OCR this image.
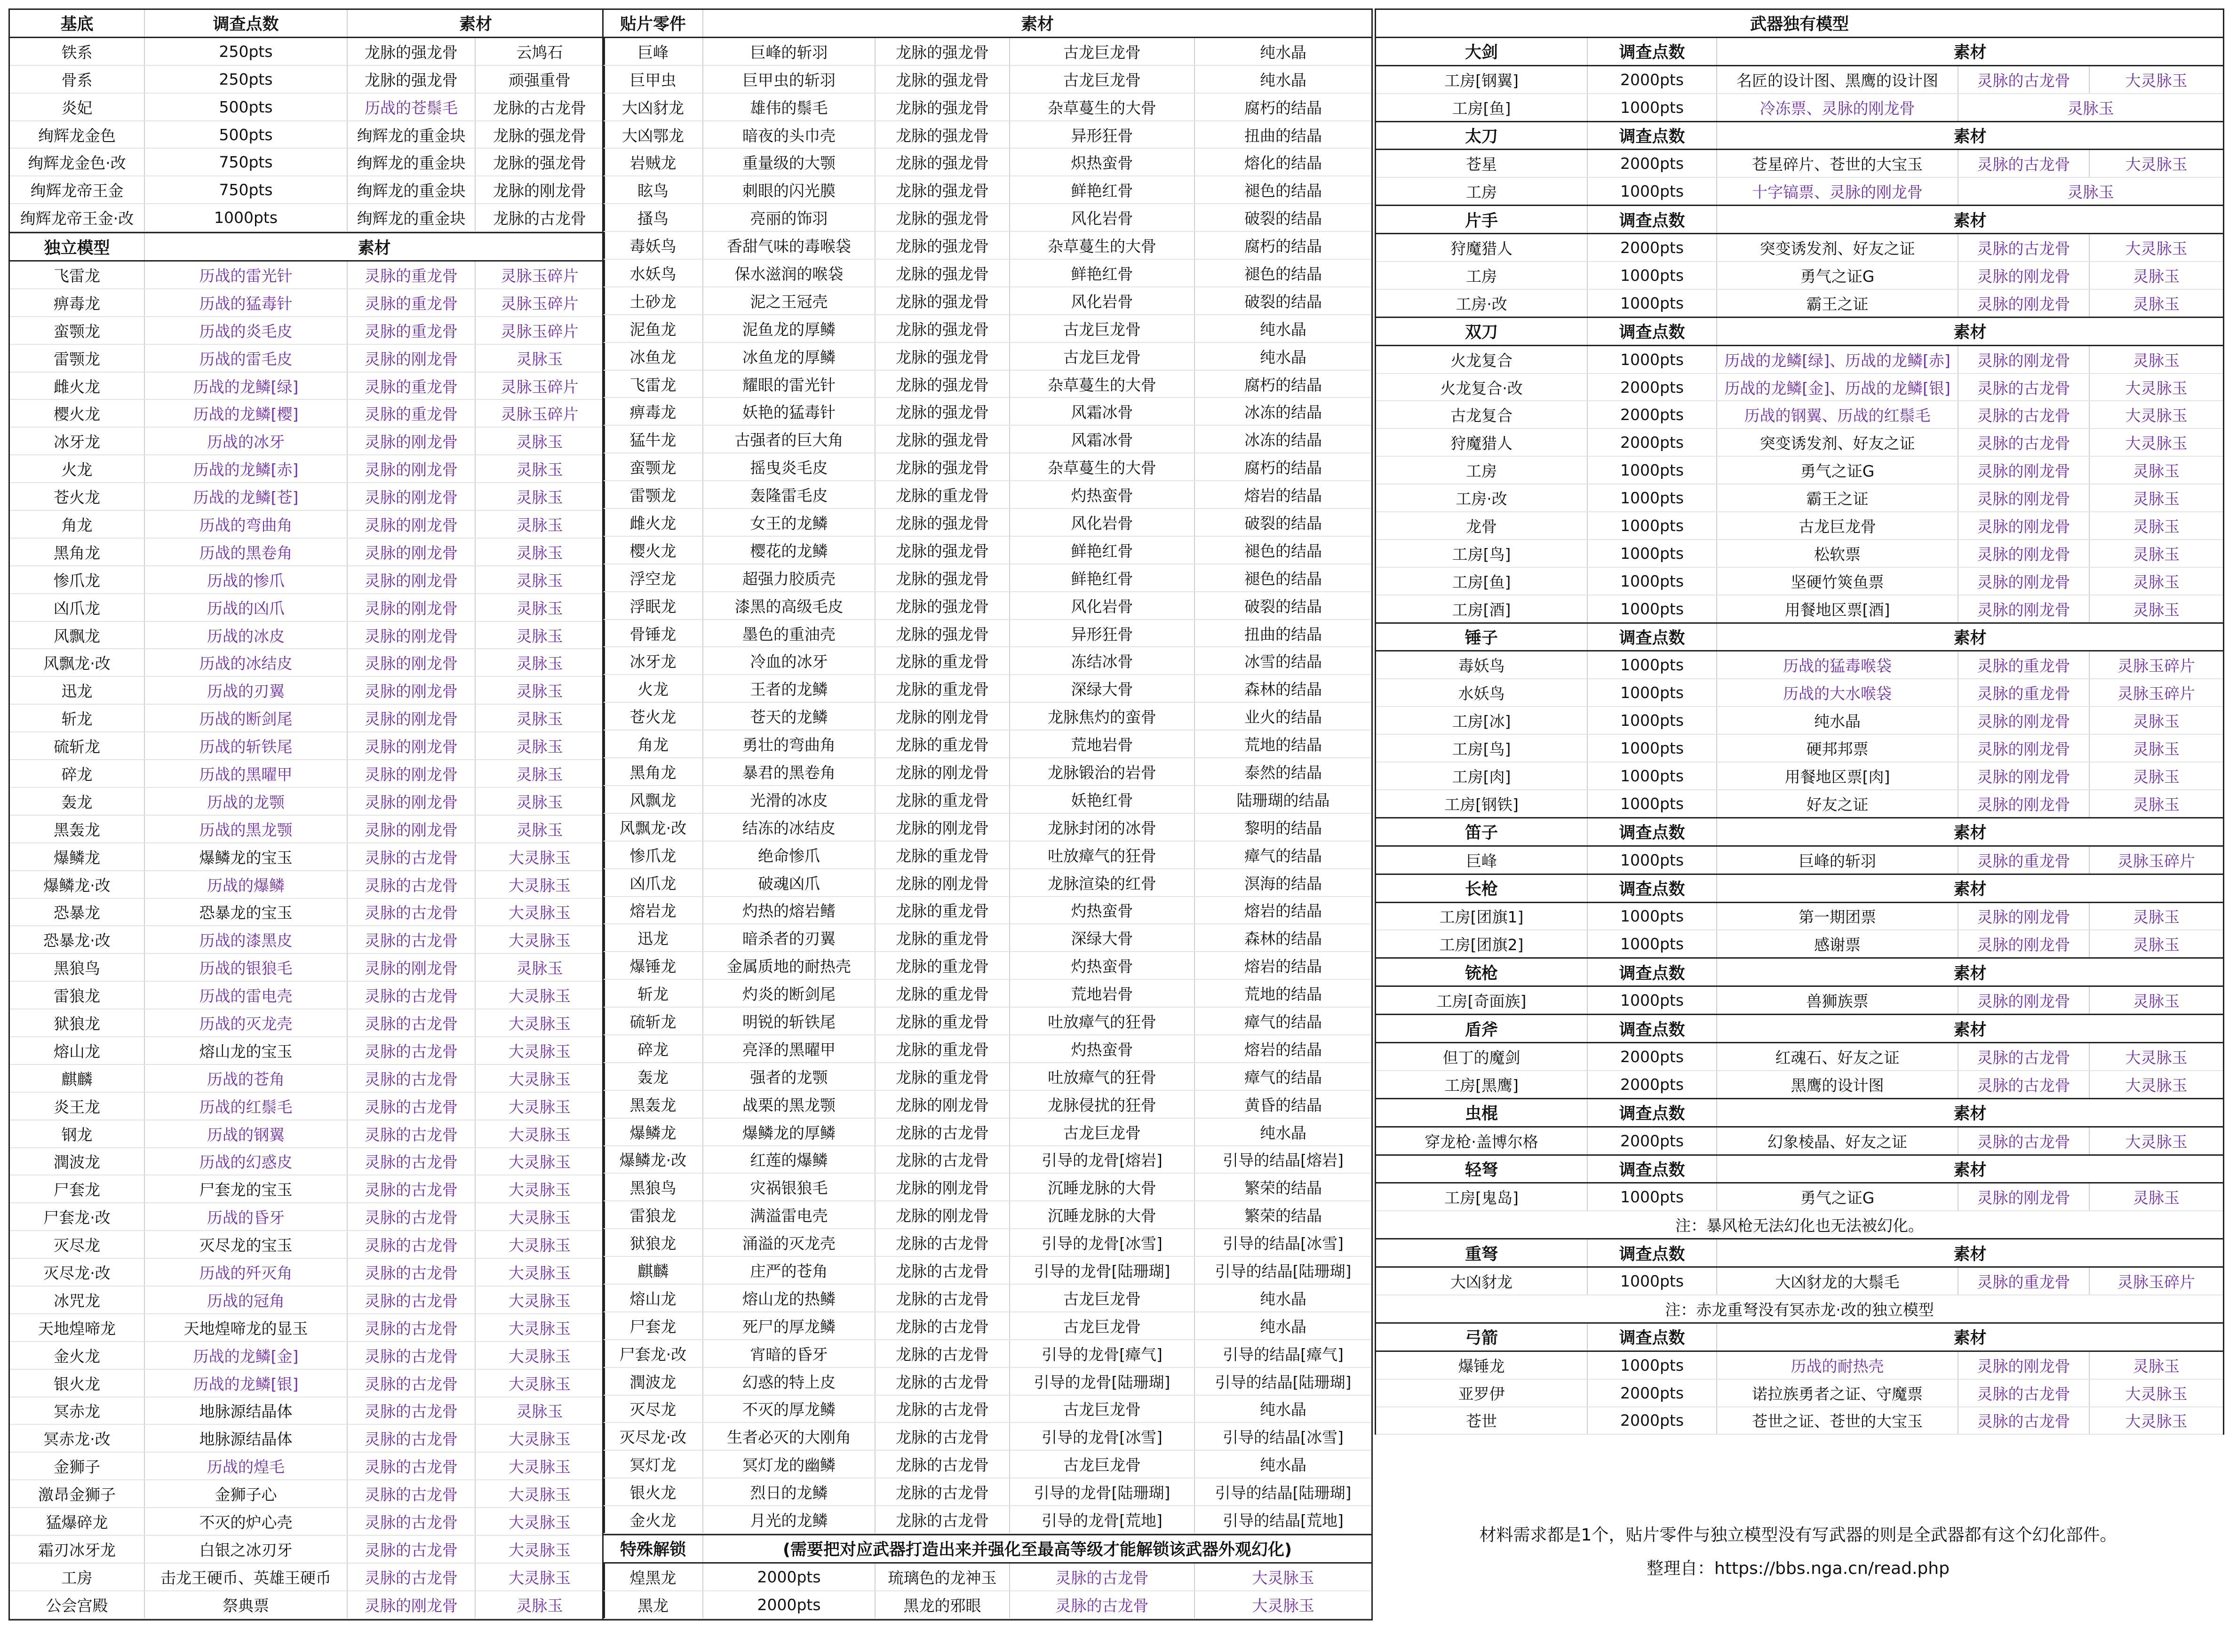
基底	调查点数	素材	
铁系	250pts	龙脉的强龙骨	云鸠石
骨系	250pts	龙脉的强龙骨	顽强重骨
炎妃	500pts	历战的苍鬃毛	龙脉的古龙骨
绚辉龙金色	500pts	绚辉龙的重金块	龙脉的强龙骨
绚辉龙金色·改	750pts	绚辉龙的重金块	龙脉的强龙骨
绚辉龙帝王金	750pts	绚辉龙的重金块	龙脉的刚龙骨
绚辉龙帝王金·改	1000pts	绚辉龙的重金块	龙脉的古龙骨
独立模型	素材		
飞雷龙	历战的雷光针	灵脉的重龙骨	灵脉玉碎片
痹毒龙	历战的猛毒针	灵脉的重龙骨	灵脉玉碎片
蛮颚龙	历战的炎毛皮	灵脉的重龙骨	灵脉玉碎片
雷颚龙	历战的雷毛皮	灵脉的刚龙骨	灵脉玉
雌火龙	历战的龙鳞[绿]	灵脉的重龙骨	灵脉玉碎片
樱火龙	历战的龙鳞[樱]	灵脉的重龙骨	灵脉玉碎片
冰牙龙	历战的冰牙	灵脉的刚龙骨	灵脉玉
火龙	历战的龙鳞[赤]	灵脉的刚龙骨	灵脉玉
苍火龙	历战的龙鳞[苍]	灵脉的刚龙骨	灵脉玉
角龙	历战的弯曲角	灵脉的刚龙骨	灵脉玉
黑角龙	历战的黑卷角	灵脉的刚龙骨	灵脉玉
惨爪龙	历战的惨爪	灵脉的刚龙骨	灵脉玉
凶爪龙	历战的凶爪	灵脉的刚龙骨	灵脉玉
风飘龙	历战的冰皮	灵脉的刚龙骨	灵脉玉
风飘龙·改	历战的冰结皮	灵脉的刚龙骨	灵脉玉
迅龙	历战的刃翼	灵脉的刚龙骨	灵脉玉
斩龙	历战的断剑尾	灵脉的刚龙骨	灵脉玉
硫斩龙	历战的斩铁尾	灵脉的刚龙骨	灵脉玉
碎龙	历战的黑曜甲	灵脉的刚龙骨	灵脉玉
轰龙	历战的龙颚	灵脉的刚龙骨	灵脉玉
黑轰龙	历战的黑龙颚	灵脉的刚龙骨	灵脉玉
爆鳞龙	爆鳞龙的宝玉	灵脉的古龙骨	大灵脉玉
爆鳞龙·改	历战的爆鳞	灵脉的古龙骨	大灵脉玉
恐暴龙	恐暴龙的宝玉	灵脉的古龙骨	大灵脉玉
恐暴龙·改	历战的漆黑皮	灵脉的古龙骨	大灵脉玉
黑狼鸟	历战的银狼毛	灵脉的刚龙骨	灵脉玉
雷狼龙	历战的雷电壳	灵脉的古龙骨	大灵脉玉
狱狼龙	历战的灭龙壳	灵脉的古龙骨	大灵脉玉
熔山龙	熔山龙的宝玉	灵脉的古龙骨	大灵脉玉
麒麟	历战的苍角	灵脉的古龙骨	大灵脉玉
炎王龙	历战的红鬃毛	灵脉的古龙骨	大灵脉玉
钢龙	历战的钢翼	灵脉的古龙骨	大灵脉玉
潤波龙	历战的幻惑皮	灵脉的古龙骨	大灵脉玉
尸套龙	尸套龙的宝玉	灵脉的古龙骨	大灵脉玉
尸套龙·改	历战的昏牙	灵脉的古龙骨	大灵脉玉
灭尽龙	灭尽龙的宝玉	灵脉的古龙骨	大灵脉玉
灭尽龙·改	历战的歼灭角	灵脉的古龙骨	大灵脉玉
冰咒龙	历战的冠角	灵脉的古龙骨	大灵脉玉
天地煌啼龙	天地煌啼龙的显玉	灵脉的古龙骨	大灵脉玉
金火龙	历战的龙鳞[金]	灵脉的古龙骨	大灵脉玉
银火龙	历战的龙鳞[银]	灵脉的古龙骨	大灵脉玉
冥赤龙	地脉源结晶体	灵脉的古龙骨	灵脉玉
冥赤龙·改	地脉源结晶体	灵脉的古龙骨	大灵脉玉
金狮子	历战的煌毛	灵脉的古龙骨	大灵脉玉
激昂金狮子	金狮子心	灵脉的古龙骨	大灵脉玉
猛爆碎龙	不灭的炉心壳	灵脉的古龙骨	大灵脉玉
霜刃冰牙龙	白银之冰刃牙	灵脉的古龙骨	大灵脉玉
工房	击龙王硬币、英雄王硬币	灵脉的古龙骨	大灵脉玉
公会宫殿	祭典票	灵脉的刚龙骨	灵脉玉
贴片零件	素材			
巨峰	巨峰的斩羽	龙脉的强龙骨	古龙巨龙骨	纯水晶
巨甲虫	巨甲虫的斩羽	龙脉的强龙骨	古龙巨龙骨	纯水晶
大凶豺龙	雄伟的鬃毛	龙脉的强龙骨	杂草蔓生的大骨	腐朽的结晶
大凶鄂龙	暗夜的头巾壳	龙脉的强龙骨	异形狂骨	扭曲的结晶
岩贼龙	重量级的大颚	龙脉的强龙骨	炽热蛮骨	熔化的结晶
眩鸟	刺眼的闪光膜	龙脉的强龙骨	鲜艳红骨	褪色的结晶
搔鸟	亮丽的饰羽	龙脉的强龙骨	风化岩骨	破裂的结晶
毒妖鸟	香甜气味的毒喉袋	龙脉的强龙骨	杂草蔓生的大骨	腐朽的结晶
水妖鸟	保水滋润的喉袋	龙脉的强龙骨	鲜艳红骨	褪色的结晶
土砂龙	泥之王冠壳	龙脉的强龙骨	风化岩骨	破裂的结晶
泥鱼龙	泥鱼龙的厚鳞	龙脉的强龙骨	古龙巨龙骨	纯水晶
冰鱼龙	冰鱼龙的厚鳞	龙脉的强龙骨	古龙巨龙骨	纯水晶
飞雷龙	耀眼的雷光针	龙脉的强龙骨	杂草蔓生的大骨	腐朽的结晶
痹毒龙	妖艳的猛毒针	龙脉的强龙骨	风霜冰骨	冰冻的结晶
猛牛龙	古强者的巨大角	龙脉的强龙骨	风霜冰骨	冰冻的结晶
蛮颚龙	摇曳炎毛皮	龙脉的强龙骨	杂草蔓生的大骨	腐朽的结晶
雷颚龙	轰隆雷毛皮	龙脉的重龙骨	灼热蛮骨	熔岩的结晶
雌火龙	女王的龙鳞	龙脉的强龙骨	风化岩骨	破裂的结晶
樱火龙	樱花的龙鳞	龙脉的强龙骨	鲜艳红骨	褪色的结晶
浮空龙	超强力胶质壳	龙脉的强龙骨	鲜艳红骨	褪色的结晶
浮眠龙	漆黑的高级毛皮	龙脉的强龙骨	风化岩骨	破裂的结晶
骨锤龙	墨色的重油壳	龙脉的强龙骨	异形狂骨	扭曲的结晶
冰牙龙	冷血的冰牙	龙脉的重龙骨	冻结冰骨	冰雪的结晶
火龙	王者的龙鳞	龙脉的重龙骨	深绿大骨	森林的结晶
苍火龙	苍天的龙鳞	龙脉的刚龙骨	龙脉焦灼的蛮骨	业火的结晶
角龙	勇壮的弯曲角	龙脉的重龙骨	荒地岩骨	荒地的结晶
黑角龙	暴君的黑卷角	龙脉的刚龙骨	龙脉锻治的岩骨	泰然的结晶
风飘龙	光滑的冰皮	龙脉的重龙骨	妖艳红骨	陆珊瑚的结晶
风飘龙·改	结冻的冰结皮	龙脉的刚龙骨	龙脉封闭的冰骨	黎明的结晶
惨爪龙	绝命惨爪	龙脉的重龙骨	吐放瘴气的狂骨	瘴气的结晶
凶爪龙	破魂凶爪	龙脉的刚龙骨	龙脉渲染的红骨	溟海的结晶
熔岩龙	灼热的熔岩鳍	龙脉的重龙骨	灼热蛮骨	熔岩的结晶
迅龙	暗杀者的刃翼	龙脉的重龙骨	深绿大骨	森林的结晶
爆锤龙	金属质地的耐热壳	龙脉的重龙骨	灼热蛮骨	熔岩的结晶
斩龙	灼炎的断剑尾	龙脉的重龙骨	荒地岩骨	荒地的结晶
硫斩龙	明锐的斩铁尾	龙脉的重龙骨	吐放瘴气的狂骨	瘴气的结晶
碎龙	亮泽的黑曜甲	龙脉的重龙骨	灼热蛮骨	熔岩的结晶
轰龙	强者的龙颚	龙脉的重龙骨	吐放瘴气的狂骨	瘴气的结晶
黑轰龙	战栗的黑龙颚	龙脉的刚龙骨	龙脉侵扰的狂骨	黄昏的结晶
爆鳞龙	爆鳞龙的厚鳞	龙脉的古龙骨	古龙巨龙骨	纯水晶
爆鳞龙·改	红莲的爆鳞	龙脉的古龙骨	引导的龙骨[熔岩]	引导的结晶[熔岩]
黑狼鸟	灾祸银狼毛	龙脉的刚龙骨	沉睡龙脉的大骨	繁荣的结晶
雷狼龙	满溢雷电壳	龙脉的刚龙骨	沉睡龙脉的大骨	繁荣的结晶
狱狼龙	涌溢的灭龙壳	龙脉的古龙骨	引导的龙骨[冰雪]	引导的结晶[冰雪]
麒麟	庄严的苍角	龙脉的古龙骨	引导的龙骨[陆珊瑚]	引导的结晶[陆珊瑚]
熔山龙	熔山龙的热鳞	龙脉的古龙骨	古龙巨龙骨	纯水晶
尸套龙	死尸的厚龙鳞	龙脉的古龙骨	古龙巨龙骨	纯水晶
尸套龙·改	宵暗的昏牙	龙脉的古龙骨	引导的龙骨[瘴气]	引导的结晶[瘴气]
潤波龙	幻惑的特上皮	龙脉的古龙骨	引导的龙骨[陆珊瑚]	引导的结晶[陆珊瑚]
灭尽龙	不灭的厚龙鳞	龙脉的古龙骨	古龙巨龙骨	纯水晶
灭尽龙·改	生者必灭的大刚角	龙脉的古龙骨	引导的龙骨[冰雪]	引导的结晶[冰雪]
冥灯龙	冥灯龙的幽鳞	龙脉的古龙骨	古龙巨龙骨	纯水晶
银火龙	烈日的龙鳞	龙脉的古龙骨	引导的龙骨[陆珊瑚]	引导的结晶[陆珊瑚]
金火龙	月光的龙鳞	龙脉的古龙骨	引导的龙骨[荒地]	引导的结晶[荒地]
特殊解锁	(需要把对应武器打造出来并强化至最高等级才能解锁该武器外观幻化)			
煌黑龙	2000pts	琉璃色的龙神玉	灵脉的古龙骨	大灵脉玉
黑龙	2000pts	黑龙的邪眼	灵脉的古龙骨	大灵脉玉
武器独有模型				
大剑	调查点数	素材		
工房[钢翼]	2000pts	名匠的设计图、黑鹰的设计图	灵脉的古龙骨	大灵脉玉
工房[鱼]	1000pts	冷冻票、灵脉的刚龙骨	灵脉玉	
太刀	调查点数	素材		
苍星	2000pts	苍星碎片、苍世的大宝玉	灵脉的古龙骨	大灵脉玉
工房	1000pts	十字镐票、灵脉的刚龙骨	灵脉玉	
片手	调查点数	素材		
狩魔猎人	2000pts	突变诱发剂、好友之证	灵脉的古龙骨	大灵脉玉
工房	1000pts	勇气之证G	灵脉的刚龙骨	灵脉玉
工房·改	1000pts	霸王之证	灵脉的刚龙骨	灵脉玉
双刀	调查点数	素材		
火龙复合	1000pts	历战的龙鳞[绿]、历战的龙鳞[赤]	灵脉的刚龙骨	灵脉玉
火龙复合·改	2000pts	历战的龙鳞[金]、历战的龙鳞[银]	灵脉的古龙骨	大灵脉玉
古龙复合	2000pts	历战的钢翼、历战的红鬃毛	灵脉的古龙骨	大灵脉玉
狩魔猎人	2000pts	突变诱发剂、好友之证	灵脉的古龙骨	大灵脉玉
工房	1000pts	勇气之证G	灵脉的刚龙骨	灵脉玉
工房·改	1000pts	霸王之证	灵脉的刚龙骨	灵脉玉
龙骨	1000pts	古龙巨龙骨	灵脉的刚龙骨	灵脉玉
工房[鸟]	1000pts	松软票	灵脉的刚龙骨	灵脉玉
工房[鱼]	1000pts	坚硬竹筴鱼票	灵脉的刚龙骨	灵脉玉
工房[酒]	1000pts	用餐地区票[酒]	灵脉的刚龙骨	灵脉玉
锤子	调查点数	素材		
毒妖鸟	1000pts	历战的猛毒喉袋	灵脉的重龙骨	灵脉玉碎片
水妖鸟	1000pts	历战的大水喉袋	灵脉的重龙骨	灵脉玉碎片
工房[冰]	1000pts	纯水晶	灵脉的刚龙骨	灵脉玉
工房[鸟]	1000pts	硬邦邦票	灵脉的刚龙骨	灵脉玉
工房[肉]	1000pts	用餐地区票[肉]	灵脉的刚龙骨	灵脉玉
工房[钢铁]	1000pts	好友之证	灵脉的刚龙骨	灵脉玉
笛子	调查点数	素材		
巨峰	1000pts	巨峰的斩羽	灵脉的重龙骨	灵脉玉碎片
长枪	调查点数	素材		
工房[团旗1]	1000pts	第一期团票	灵脉的刚龙骨	灵脉玉
工房[团旗2]	1000pts	感谢票	灵脉的刚龙骨	灵脉玉
铳枪	调查点数	素材		
工房[奇面族]	1000pts	兽狮族票	灵脉的刚龙骨	灵脉玉
盾斧	调查点数	素材		
但丁的魔剑	2000pts	红魂石、好友之证	灵脉的古龙骨	大灵脉玉
工房[黑鹰]	2000pts	黑鹰的设计图	灵脉的古龙骨	大灵脉玉
虫棍	调查点数	素材		
穿龙枪·盖博尔格	2000pts	幻象棱晶、好友之证	灵脉的古龙骨	大灵脉玉
轻弩	调查点数	素材		
工房[鬼岛]	1000pts	勇气之证G	灵脉的刚龙骨	灵脉玉
注：暴风枪无法幻化也无法被幻化。				
重弩	调查点数	素材		
大凶豺龙	1000pts	大凶豺龙的大鬃毛	灵脉的重龙骨	灵脉玉碎片
注：赤龙重弩没有冥赤龙·改的独立模型				
弓箭	调查点数	素材		
爆锤龙	1000pts	历战的耐热壳	灵脉的刚龙骨	灵脉玉
亚罗伊	2000pts	诺拉族勇者之证、守魔票	灵脉的古龙骨	大灵脉玉
苍世	2000pts	苍世之证、苍世的大宝玉	灵脉的古龙骨	大灵脉玉
材料需求都是1个，贴片零件与独立模型没有写武器的则是全武器都有这个幻化部件。
整理自：https://bbs.nga.cn/read.php
